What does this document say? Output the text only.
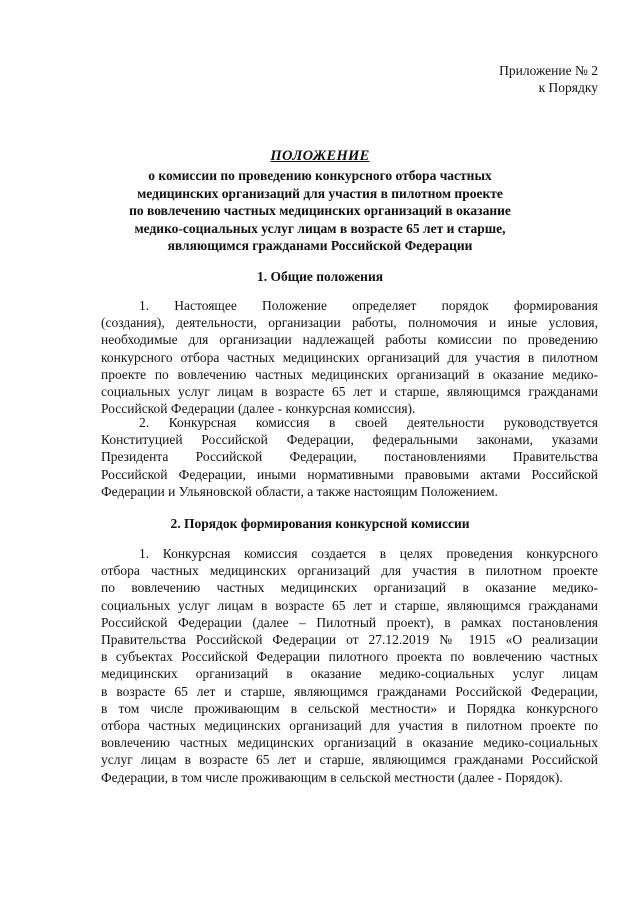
Приложение № 2
к Порядку
ПОЛОЖЕНИЕ
о комиссии по проведению конкурсного отбора частных
медицинских организаций для участия в пилотном проекте
по вовлечению частных медицинских организаций в оказание
медико-социальных услуг лицам в возрасте 65 лет и старше,
являющимся гражданами Российской Федерации
1. Общие положения
1. Настоящее Положение определяет порядок формирования
(создания), деятельности, организации работы, полномочия и иные условия,
необходимые для организации надлежащей работы комиссии по проведению
конкурсного отбора частных медицинских организаций для участия в пилотном
проекте по вовлечению частных медицинских организаций в оказание медико-
социальных услуг лицам в возрасте 65 лет и старше, являющимся гражданами
Российской Федерации (далее - конкурсная комиссия).
2. Конкурсная комиссия в своей деятельности руководствуется
Конституцией Российской Федерации, федеральными законами, указами
Президента Российской Федерации, постановлениями Правительства
Российской Федерации, иными нормативными правовыми актами Российской
Федерации и Ульяновской области, а также настоящим Положением.
2. Порядок формирования конкурсной комиссии
1. Конкурсная комиссия создается в целях проведения конкурсного
отбора частных медицинских организаций для участия в пилотном проекте
по вовлечению частных медицинских организаций в оказание медико-
социальных услуг лицам в возрасте 65 лет и старше, являющимся гражданами
Российской Федерации (далее – Пилотный проект), в рамках постановления
Правительства Российской Федерации от 27.12.2019 № 1915 «О реализации
в субъектах Российской Федерации пилотного проекта по вовлечению частных
медицинских организаций в оказание медико-социальных услуг лицам
в возрасте 65 лет и старше, являющимся гражданами Российской Федерации,
в том числе проживающим в сельской местности» и Порядка конкурсного
отбора частных медицинских организаций для участия в пилотном проекте по
вовлечению частных медицинских организаций в оказание медико-социальных
услуг лицам в возрасте 65 лет и старше, являющимся гражданами Российской
Федерации, в том числе проживающим в сельской местности (далее - Порядок).
